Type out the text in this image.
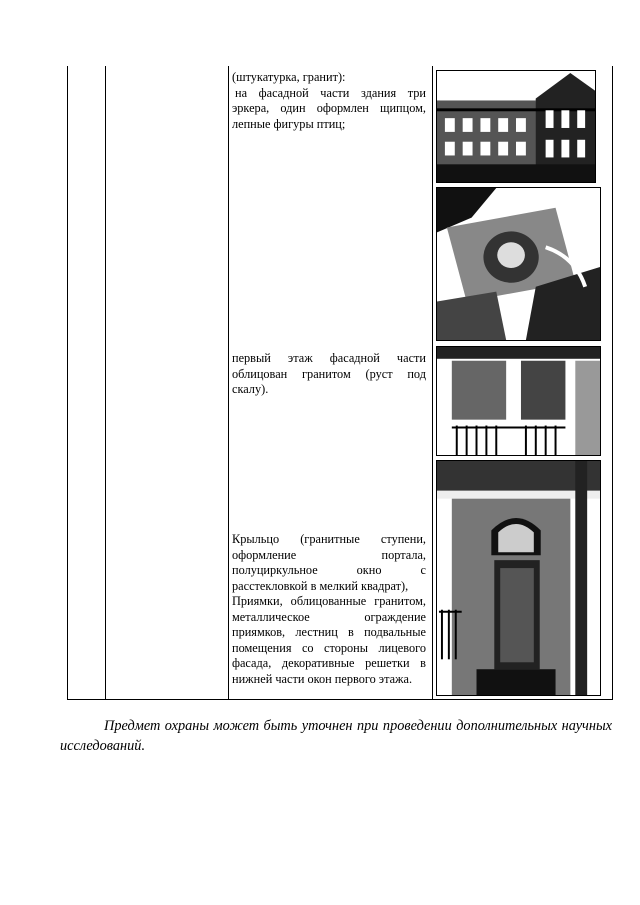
(штукатурка, гранит):

на фасадной части здания три эркера, один оформлен щипцом, лепные фигуры птиц;

первый этаж фасадной части облицован гранитом (руст под скалу).

Крыльцо (гранитные ступени, оформление портала, полуциркульное окно с расстекловкой в мелкий квадрат),

Приямки, облицованные гранитом, металлическое ограждение приямков, лестниц в подвальные помещения со стороны лицевого фасада, декоративные решетки в нижней части окон первого этажа.

Предмет охраны может быть уточнен при проведении дополнительных научных исследований.
